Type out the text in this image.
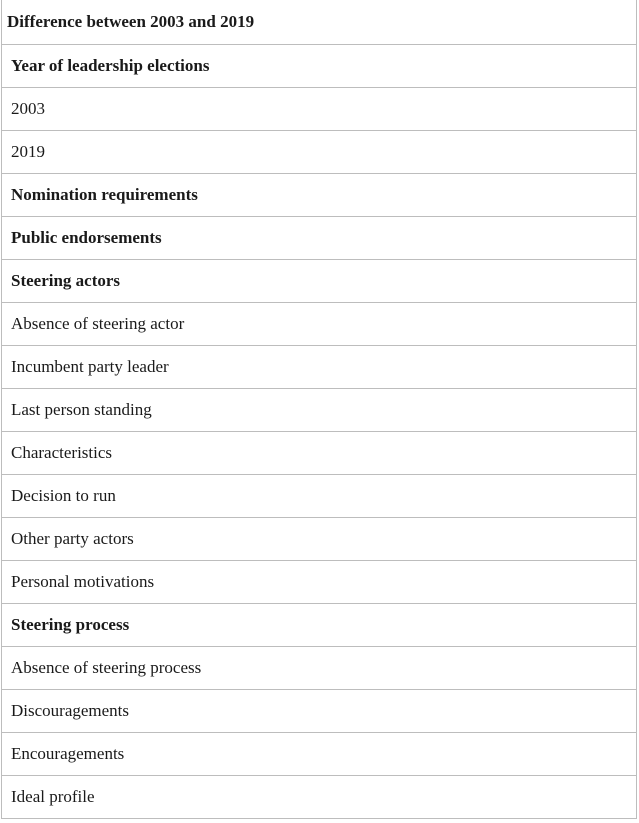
Difference between 2003 and 2019
Year of leadership elections
2003
2019
Nomination requirements
Public endorsements
Steering actors
Absence of steering actor
Incumbent party leader
Last person standing
Characteristics
Decision to run
Other party actors
Personal motivations
Steering process
Absence of steering process
Discouragements
Encouragements
Ideal profile
